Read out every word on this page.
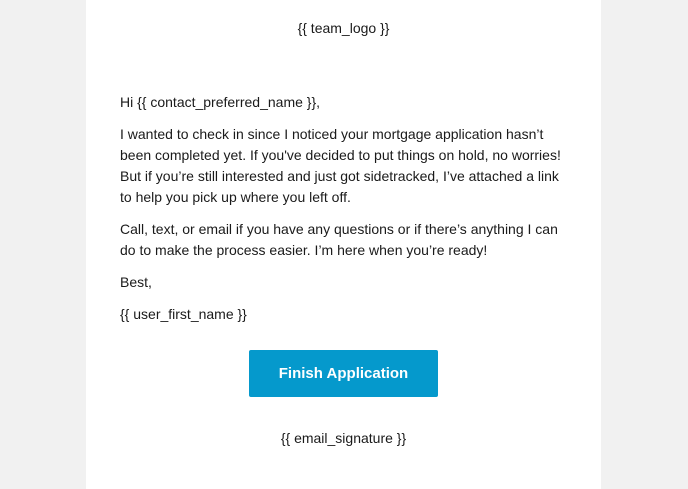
{{ team_logo }}

Hi {{ contact_preferred_name }},

I wanted to check in since I noticed your mortgage application hasn’t been completed yet. If you've decided to put things on hold, no worries! But if you’re still interested and just got sidetracked, I’ve attached a link to help you pick up where you left off.

Call, text, or email if you have any questions or if there’s anything I can do to make the process easier. I’m here when you’re ready!

Best,

{{ user_first_name }}

Finish Application
{{ email_signature }}
